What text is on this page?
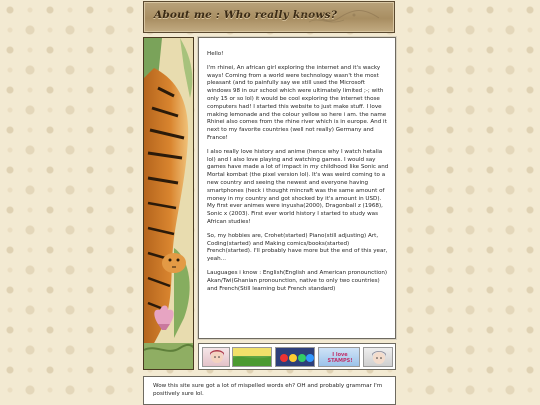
About me : Who really knows?

Hello!

I'm rhinei, An african girl exploring the internet and it's wacky ways! Coming from a world were technology wasn't the most pleasant (and to painfully say we still used the Microsoft windows 98 in our school which were ultimately limited ;-; with only 15 or so lol) it would be cool exploring the internet those computers had! I started this website to just make stuff. I love making lemonade and the colour yellow so here i am. the name Rhinei also comes from the rhine river which is in europe. And it next to my favorite countries (well not really) Germany and France!

I also really love history and anime (hence why I watch hetalia lol) and I also love playing and watching games. I would say games have made a lot of impact in my childhood like Sonic and Mortal kombat (the pixel version lol). It's was weird coming to a new country and seeing the newest and everyone having smartphones (heck i thought mincraft was the same amount of money in my country and got shocked by it's amount in USD). My first ever animes were inyusha(2000), Dragonball z (1968), Sonic x (2003). First ever world history I started to study was African studies!

So, my hobbies are, Crohet(started) Piano(still adjusting) Art, Coding(started) and Making comics/books(started) French(started). I'll probably have more but the end of this year, yeah...

Lauguages i know : English(English and American pronounction) Akan/Twi(Ghanian pronounction, native to only two countries) and French(Still learning but French standard)

I love STAMPS!
Wow this site sure got a lot of mispelled words eh? OH and probably grammar I'm positively sure lol.
